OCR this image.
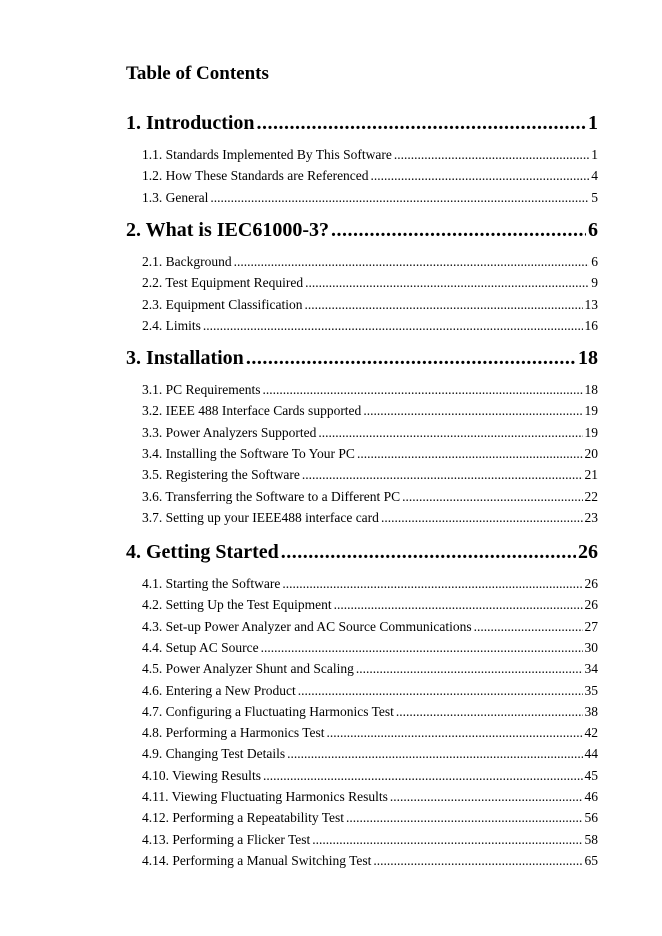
Table of Contents
1. Introduction .....	1
1.1. Standards Implemented By This Software .....	1
1.2. How These Standards are Referenced .....	4
1.3. General .....	5
2. What is IEC61000-3? .....	6
2.1. Background .....	6
2.2. Test Equipment Required .....	9
2.3. Equipment Classification .....	13
2.4. Limits .....	16
3. Installation .....	18
3.1. PC Requirements .....	18
3.2. IEEE 488 Interface Cards supported .....	19
3.3. Power Analyzers Supported .....	19
3.4. Installing the Software To Your PC .....	20
3.5. Registering the Software .....	21
3.6. Transferring the Software to a Different PC .....	22
3.7. Setting up your IEEE488 interface card .....	23
4. Getting Started .....	26
4.1. Starting the Software .....	26
4.2. Setting Up the Test Equipment .....	26
4.3. Set-up Power Analyzer and AC Source Communications .....	27
4.4. Setup AC Source .....	30
4.5. Power Analyzer Shunt and Scaling .....	34
4.6. Entering a New Product .....	35
4.7. Configuring a Fluctuating Harmonics Test .....	38
4.8. Performing a Harmonics Test .....	42
4.9. Changing Test Details .....	44
4.10. Viewing Results .....	45
4.11. Viewing Fluctuating Harmonics Results .....	46
4.12. Performing a Repeatability Test .....	56
4.13. Performing a Flicker Test .....	58
4.14. Performing a Manual Switching Test .....	65
